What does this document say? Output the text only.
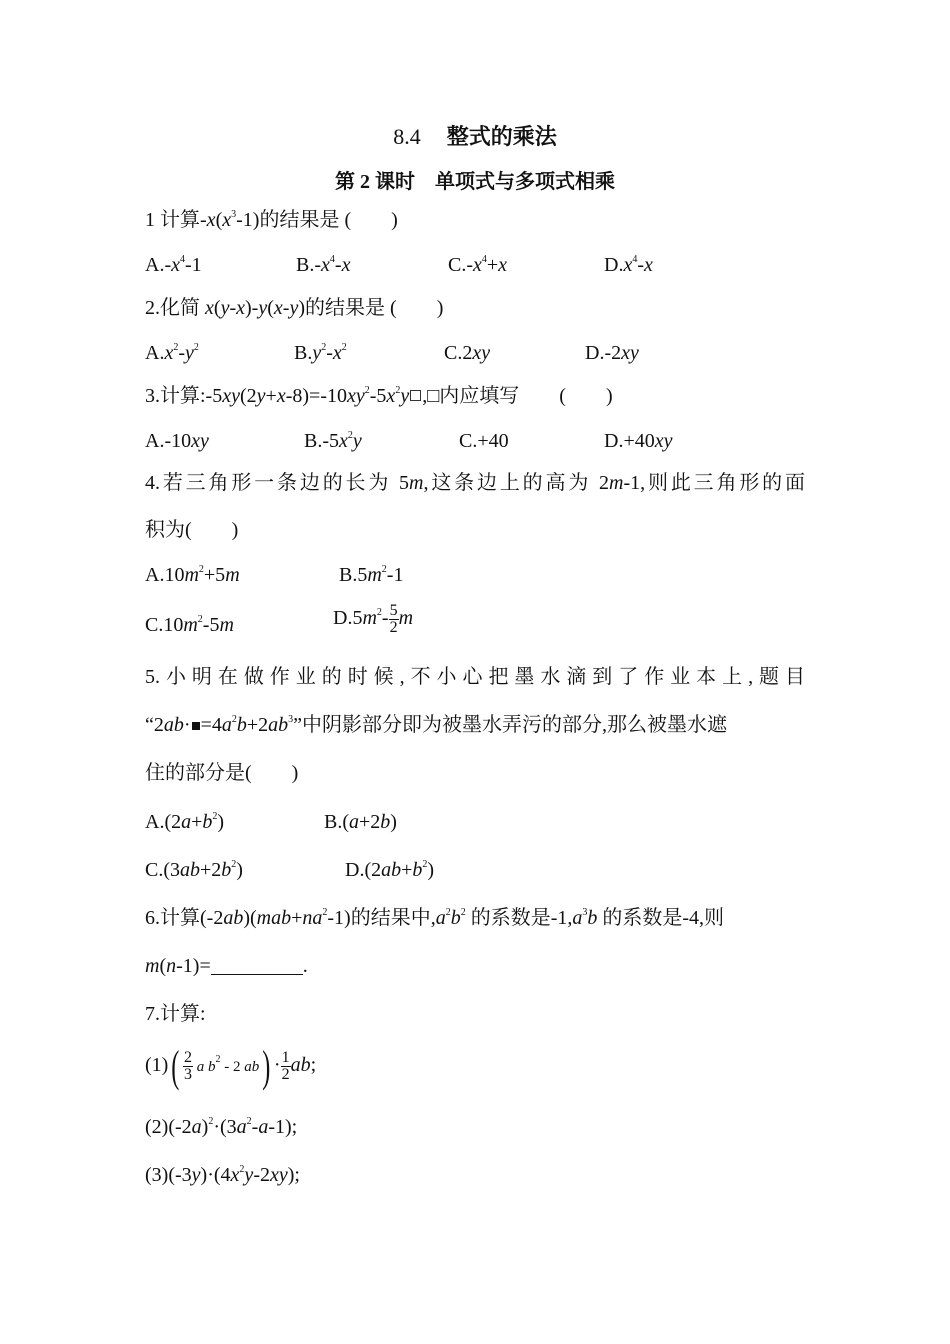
8.4 整式的乘法
第 2 课时　单项式与多项式相乘
1 计算$-x(x^3-1)$的结果是 ( )
$A.-x^4-1$	$B.-x^4-x$	$C.-x^4+x$	$D.x^4-x$
2.化简 x(y-x)-y(x-y)的结果是 ( )
$A.x^2-y^2$	$B.y^2-x^2$	C.2xy	D.-2xy
3.计算$:-5xy(2y+x-8)=-10xy^2-5x^2y$ ,□内应填写 ( )
A.-10xy	$B.-5x^2y$	C.+40	D.+40xy
4.若三角形一条边的长为 5m,这条边上的高为 2m-1,则此三角形的面
积为( )
$A.10m^2+5m$	$B.5m^2-1$
$C.10m^2-5m$	$D.5m^2- \frac{5}{2}$ m
5.小明在做作业的时候,不小心把墨水滴到了作业本上,题目
“$2ab\cdot =4a^2b+2ab^3$”中阴影部分即为被墨水弄污的部分,那么被墨水遮
住的部分是( )
$A.(2a+b^2)$	B.(a+2b)
$C.(3ab+2b^2)$	$D.(2ab+b^2)$
6.计算$(-2ab)(mab+na^2-1)$的结果中$,a^2b^2$ 的系数是$-1,a^3b$ 的系数是-4,则
m(n-1)=	.
7.计算:
$(1)( \frac{2}{3}$ a $b^2 - 2$ $ab) \cdot \frac{1}{2}$ ab;
$(2)(-2a)^2\cdot(3a^2-a-1)$;
$(3)(-3y)\cdot(4x^2y-2xy)$;
